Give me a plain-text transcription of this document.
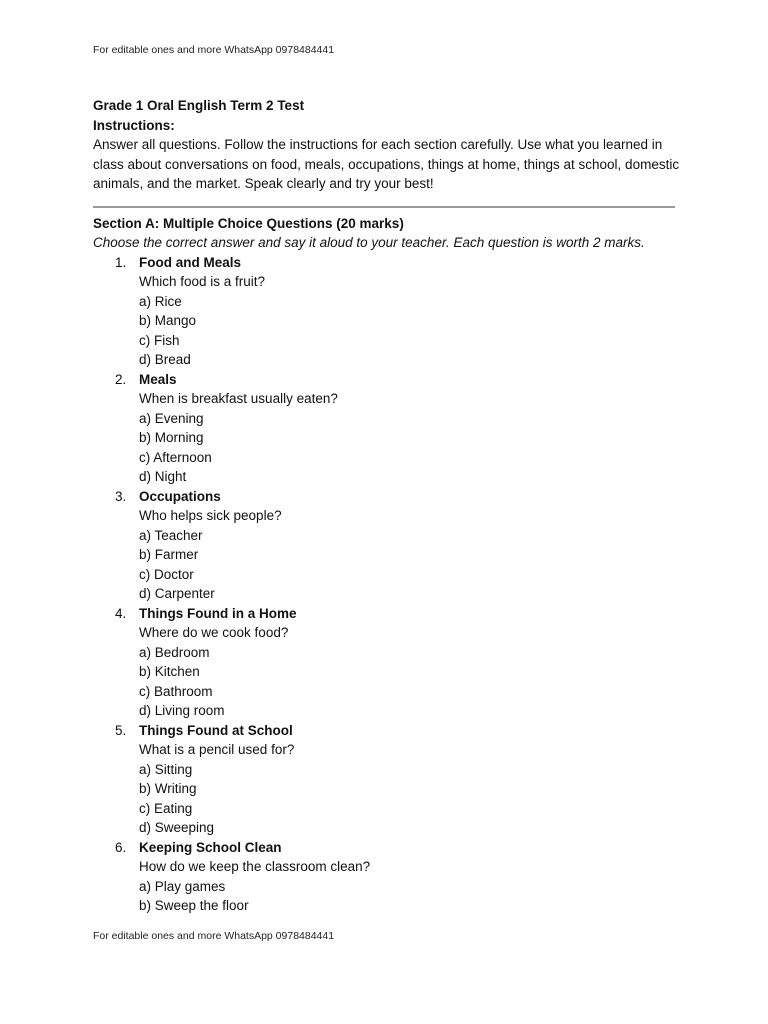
For editable ones and more WhatsApp 0978484441
Grade 1 Oral English Term 2 Test
Instructions:
Answer all questions. Follow the instructions for each section carefully. Use what you learned in class about conversations on food, meals, occupations, things at home, things at school, domestic animals, and the market. Speak clearly and try your best!
Section A: Multiple Choice Questions (20 marks)
Choose the correct answer and say it aloud to your teacher. Each question is worth 2 marks.
1. Food and Meals
Which food is a fruit?
a) Rice
b) Mango
c) Fish
d) Bread
2. Meals
When is breakfast usually eaten?
a) Evening
b) Morning
c) Afternoon
d) Night
3. Occupations
Who helps sick people?
a) Teacher
b) Farmer
c) Doctor
d) Carpenter
4. Things Found in a Home
Where do we cook food?
a) Bedroom
b) Kitchen
c) Bathroom
d) Living room
5. Things Found at School
What is a pencil used for?
a) Sitting
b) Writing
c) Eating
d) Sweeping
6. Keeping School Clean
How do we keep the classroom clean?
a) Play games
b) Sweep the floor
For editable ones and more WhatsApp 0978484441
